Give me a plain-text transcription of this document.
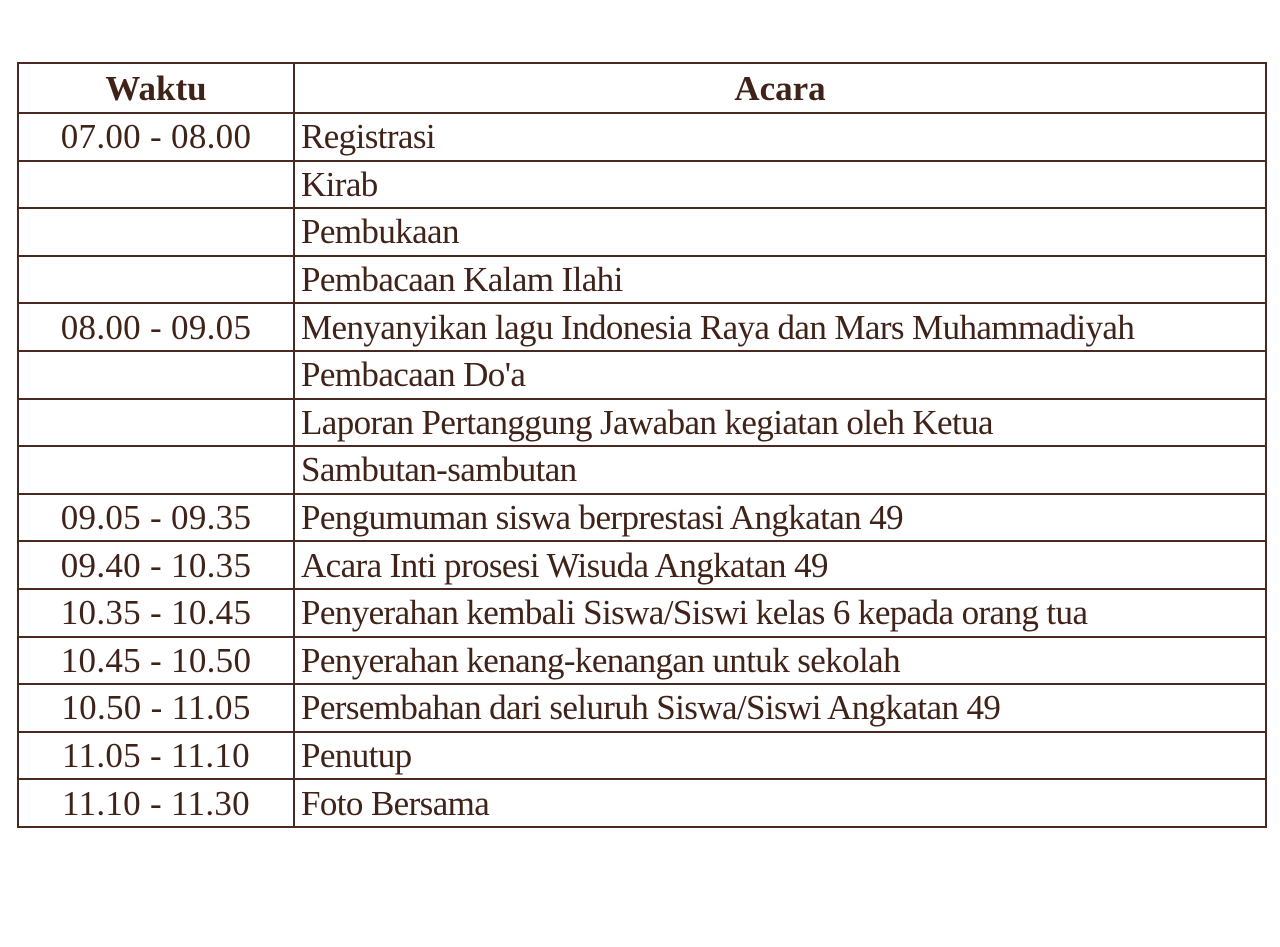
Waktu	Acara
07.00 - 08.00	Registrasi
	Kirab
	Pembukaan
	Pembacaan Kalam Ilahi
08.00 - 09.05	Menyanyikan lagu Indonesia Raya dan Mars Muhammadiyah
	Pembacaan Do'a
	Laporan Pertanggung Jawaban kegiatan oleh Ketua
	Sambutan-sambutan
09.05 - 09.35	Pengumuman siswa berprestasi Angkatan 49
09.40 - 10.35	Acara Inti prosesi Wisuda Angkatan 49
10.35 - 10.45	Penyerahan kembali Siswa/Siswi kelas 6 kepada orang tua
10.45 - 10.50	Penyerahan kenang-kenangan untuk sekolah
10.50 - 11.05	Persembahan dari seluruh Siswa/Siswi Angkatan 49
11.05 - 11.10	Penutup
11.10 - 11.30	Foto Bersama
